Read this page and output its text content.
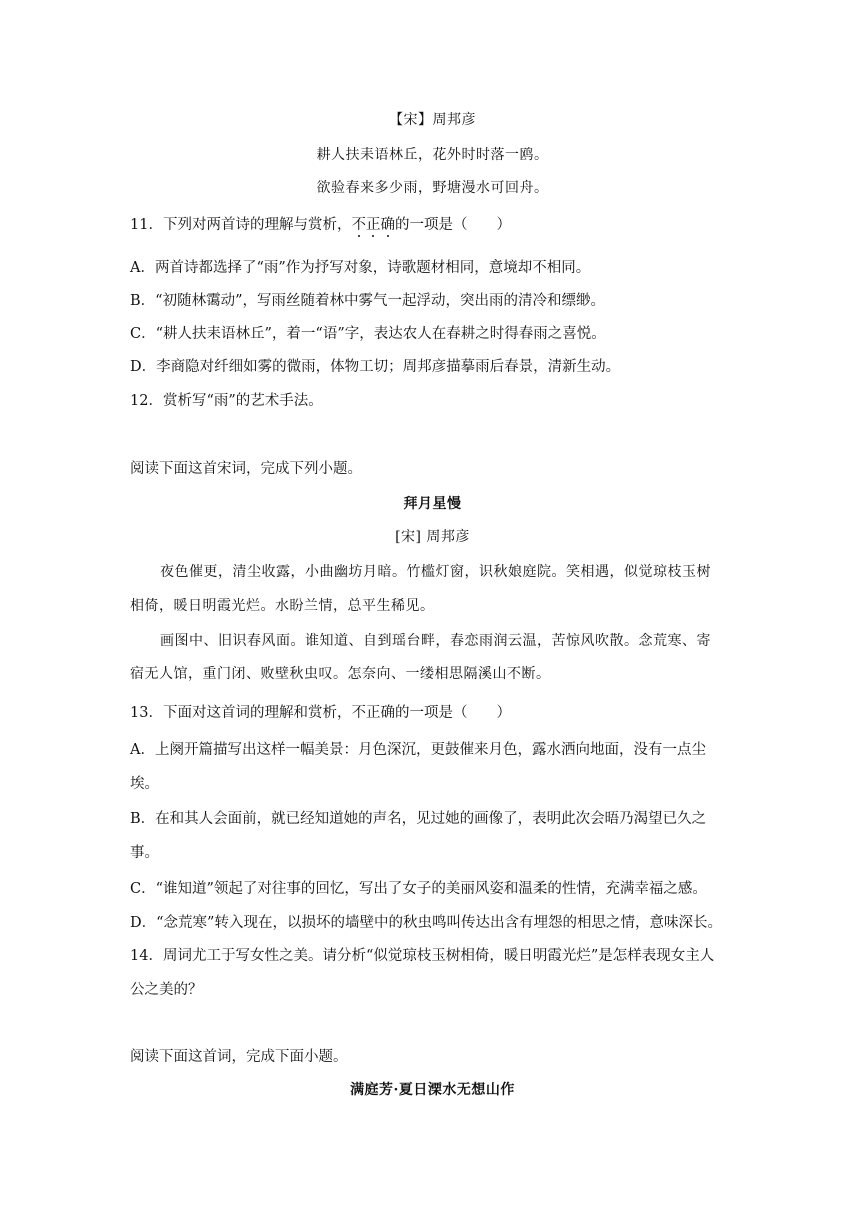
【宋】周邦彦
耕人扶耒语林丘，花外时时落一鸥。
欲验春来多少雨，野塘漫水可回舟。
11．下列对两首诗的理解与赏析，不正确的一项是（　　）
A．两首诗都选择了“雨”作为抒写对象，诗歌题材相同，意境却不相同。
B．“初随林霭动”，写雨丝随着林中雾气一起浮动，突出雨的清冷和缥缈。
C．“耕人扶耒语林丘”，着一“语”字，表达农人在春耕之时得春雨之喜悦。
D．李商隐对纤细如雾的微雨，体物工切；周邦彦描摹雨后春景，清新生动。
12．赏析写“雨”的艺术手法。
阅读下面这首宋词，完成下列小题。
拜月星慢
[宋] 周邦彦
夜色催更，清尘收露，小曲幽坊月暗。竹槛灯窗，识秋娘庭院。笑相遇，似觉琼枝玉树
相倚，暖日明霞光烂。水盼兰情，总平生稀见。
画图中、旧识春风面。谁知道、自到瑶台畔，春恋雨润云温，苦惊风吹散。念荒寒、寄
宿无人馆，重门闭、败壁秋虫叹。怎奈向、一缕相思隔溪山不断。
13．下面对这首词的理解和赏析，不正确的一项是（　　）
A．上阕开篇描写出这样一幅美景：月色深沉，更鼓催来月色，露水洒向地面，没有一点尘
埃。
B．在和其人会面前，就已经知道她的声名，见过她的画像了，表明此次会晤乃渴望已久之
事。
C．“谁知道”领起了对往事的回忆，写出了女子的美丽风姿和温柔的性情，充满幸福之感。
D．“念荒寒”转入现在，以损坏的墙壁中的秋虫鸣叫传达出含有埋怨的相思之情，意味深长。
14．周词尤工于写女性之美。请分析“似觉琼枝玉树相倚，暖日明霞光烂”是怎样表现女主人
公之美的？
阅读下面这首词，完成下面小题。
满庭芳·夏日溧水无想山作
